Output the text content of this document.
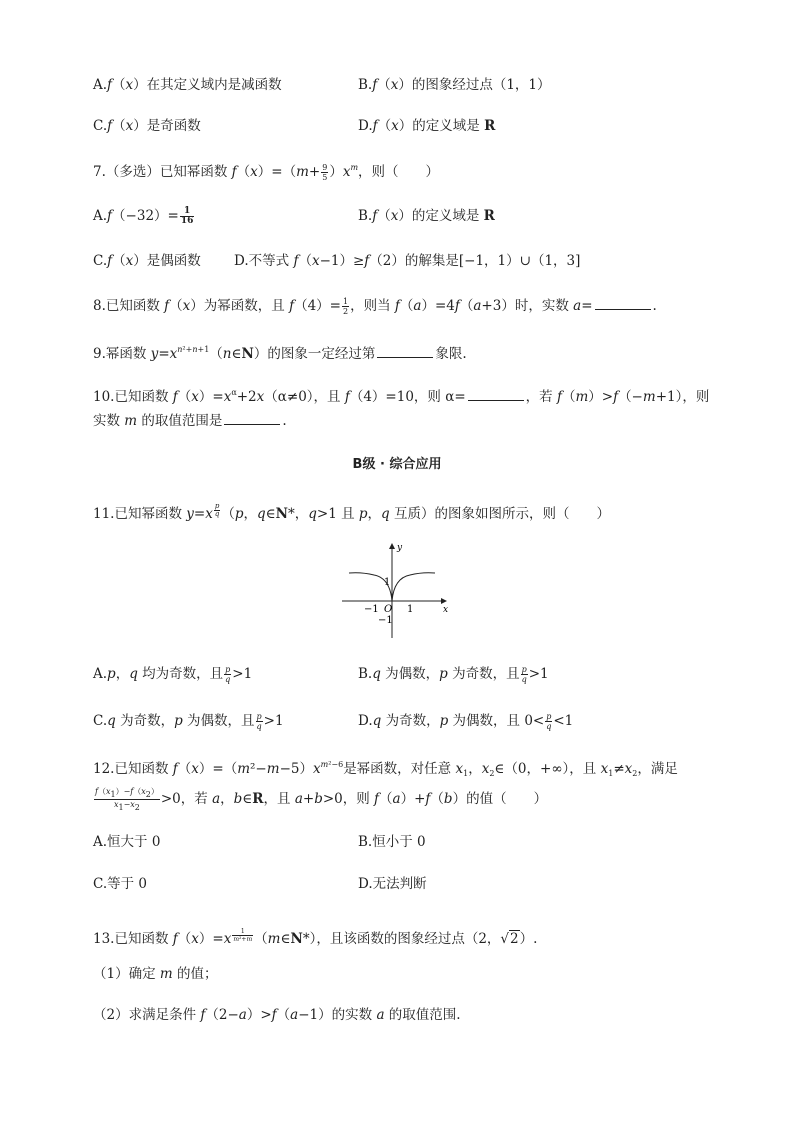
A.f（x）在其定义域内是减函数	B.f（x）的图象经过点（1，1）
C.f（x）是奇函数	D.f（x）的定义域是 R
7.（多选）已知幂函数 $f(x)=(m+ \frac{9}{5} )x^m$，则（　　）
$A.f(-32)= \frac{1}{16}$	B.f（x）的定义域是 R
C.f（x）是偶函数 D.不等式 f（x−1）≥f（2）的解集是[−1，1）∪（1，3]
8.已知函数 f（x）为幂函数，且 $f(4)= \frac{1}{2}$ ，则当 f（a）=4f（a+3）时，实数 a=	.
9.幂函数 $y=x^{n^2+n+1}(n\in N)$的图象一定经过第	象限.
10.已知函数 $f(x)=x^\alpha+2x(\alpha\ne 0)$，且 f（4）=10，则 α=	，若 f（m）>f（−m+1），则
实数 m 的取值范围是	.
B级 · 综合应用
11.已知幂函数 y=x $^{\frac{p}{q}}$ （p，q∈N*，q>1 且 p，q 互质）的图象如图所示，则（　　）
y
x
O 1
−1
1
−1
A.p，q 均为奇数，且 $\frac{p}{q} >1$	B.q 为偶数，p 为奇数，且 $\frac{p}{q} >1$
C.q 为奇数，p 为偶数，且 $\frac{p}{q} >1$	D.q 为奇数，p 为偶数，且 $0< \frac{p}{q} <1$
12.已知函数 $f(x)=(m^2-m-5)x^{m^2-6}$是幂函数，对任意 $x_1$，$x_2\in(0$，+∞），且 $x_1\ne x_2$，满足
$\frac{f(x_1)-f(x_2)}{x_1-x_2} >0$，若 a，b∈R，且 a+b>0，则 f（a）+f（b）的值（　　）
A.恒大于 0	B.恒小于 0
C.等于 0	D.无法判断
13.已知函数 f（x）=x $^{\frac{1}{\text{m²+m}}}$ （m∈N*），且该函数的图象经过点（2，√2）.
（1）确定 m 的值；
（2）求满足条件 f（2−a）>f（a−1）的实数 a 的取值范围.
